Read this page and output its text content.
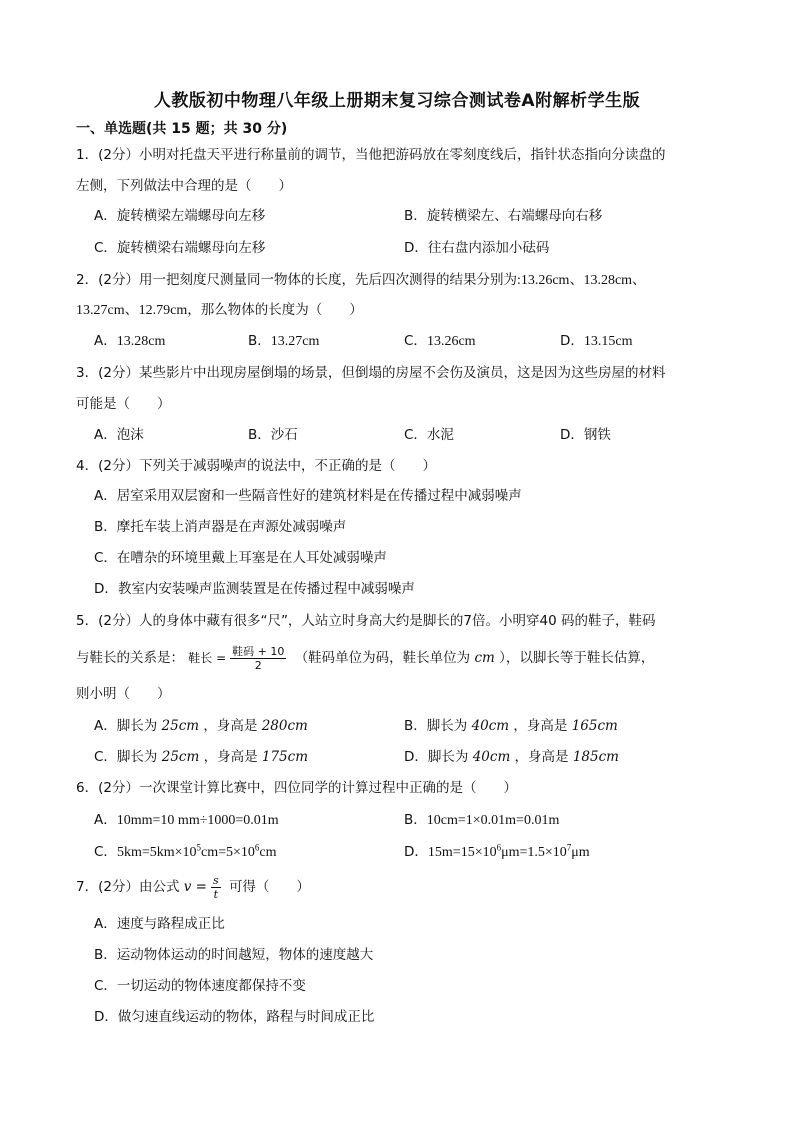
人教版初中物理八年级上册期末复习综合测试卷A附解析学生版
一、单选题(共 15 题；共 30 分)
1．(2分）小明对托盘天平进行称量前的调节，当他把游码放在零刻度线后，指针状态指向分读盘的
左侧，下列做法中合理的是（　　）
A．旋转横梁左端螺母向左移	B．旋转横梁左、右端螺母向右移
C．旋转横梁右端螺母向左移	D．往右盘内添加小砝码
2．(2分）用一把刻度尺测量同一物体的长度，先后四次测得的结果分别为:13.26cm、13.28cm、
13.27cm、12.79cm，那么物体的长度为（　　）
A．13.28cm	B．13.27cm	C．13.26cm	D．13.15cm
3．(2分）某些影片中出现房屋倒塌的场景，但倒塌的房屋不会伤及演员，这是因为这些房屋的材料
可能是（　　）
A．泡沫	B．沙石	C．水泥	D．钢铁
4．(2分）下列关于减弱噪声的说法中，不正确的是（　　）
A．居室采用双层窗和一些隔音性好的建筑材料是在传播过程中减弱噪声
B．摩托车装上消声器是在声源处减弱噪声
C．在嘈杂的环境里戴上耳塞是在人耳处减弱噪声
D．教室内安装噪声监测装置是在传播过程中减弱噪声
5．(2分）人的身体中藏有很多“尺”，人站立时身高大约是脚长的7倍。小明穿40 码的鞋子，鞋码
与鞋长的关系是： 鞋长 = $\frac{\text{鞋码 + 10}}{2}$ （鞋码单位为码，鞋长单位为 cm ），以脚长等于鞋长估算，
则小明（　　）
A．脚长为 25cm ，身高是 280cm	B．脚长为 40cm ，身高是 165cm
C．脚长为 25cm ，身高是 175cm	D．脚长为 40cm ，身高是 185cm
6．(2分）一次课堂计算比赛中，四位同学的计算过程中正确的是（　　）
A．10mm=10 mm÷1000=0.01m	B．10cm=1×0.01m=0.01m
C．$5km=5km\times 10^5cm=5\times 10^6cm$	D．$15m=15\times 10^6\mu m=1.5\times 10^7\mu m$
7．(2分）由公式 $v = \frac{s}{t}$ 可得（　　）
A．速度与路程成正比
B．运动物体运动的时间越短，物体的速度越大
C．一切运动的物体速度都保持不变
D．做匀速直线运动的物体，路程与时间成正比
